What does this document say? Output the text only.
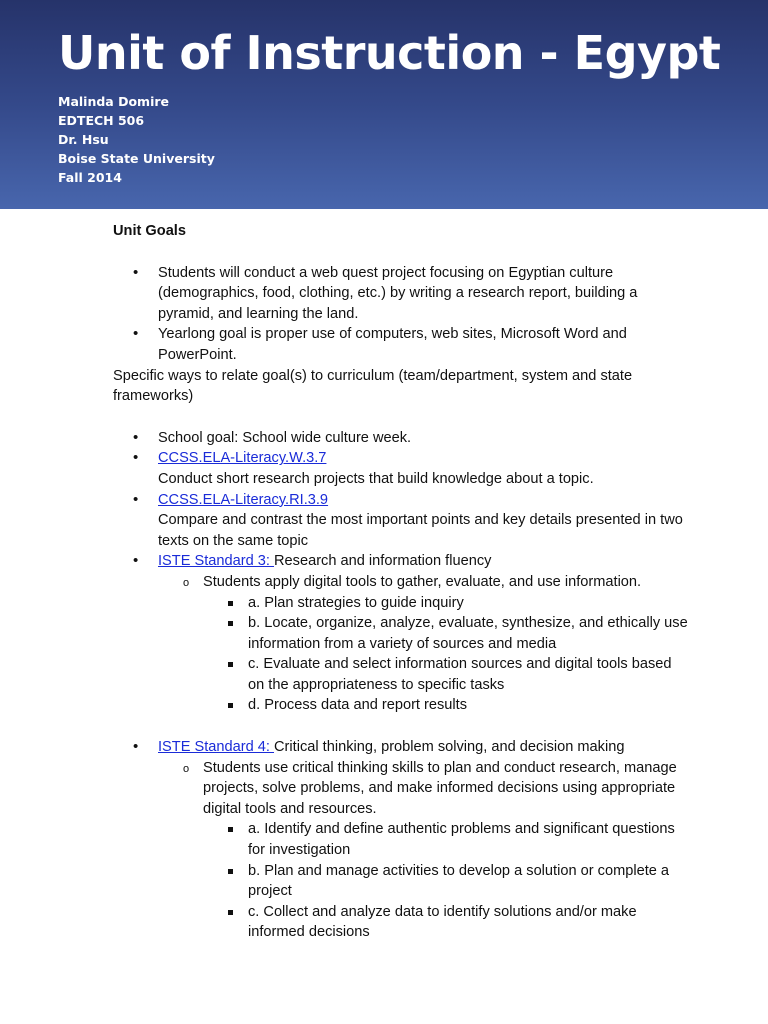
Unit of Instruction - Egypt
Malinda Domire
EDTECH 506
Dr. Hsu
Boise State University
Fall 2014
Unit Goals
• Students will conduct a web quest project focusing on Egyptian culture (demographics, food, clothing, etc.) by writing a research report, building a pyramid, and learning the land.
• Yearlong goal is proper use of computers, web sites, Microsoft Word and PowerPoint.
Specific ways to relate goal(s) to curriculum (team/department, system and state frameworks)
• School goal: School wide culture week.
• CCSS.ELA-Literacy.W.3.7
Conduct short research projects that build knowledge about a topic.
• CCSS.ELA-Literacy.RI.3.9
Compare and contrast the most important points and key details presented in two texts on the same topic
• ISTE Standard 3: Research and information fluency
o Students apply digital tools to gather, evaluate, and use information.
a. Plan strategies to guide inquiry
b. Locate, organize, analyze, evaluate, synthesize, and ethically use information from a variety of sources and media
c. Evaluate and select information sources and digital tools based on the appropriateness to specific tasks
d. Process data and report results
• ISTE Standard 4: Critical thinking, problem solving, and decision making
o Students use critical thinking skills to plan and conduct research, manage projects, solve problems, and make informed decisions using appropriate digital tools and resources.
a. Identify and define authentic problems and significant questions for investigation
b. Plan and manage activities to develop a solution or complete a project
c. Collect and analyze data to identify solutions and/or make informed decisions
